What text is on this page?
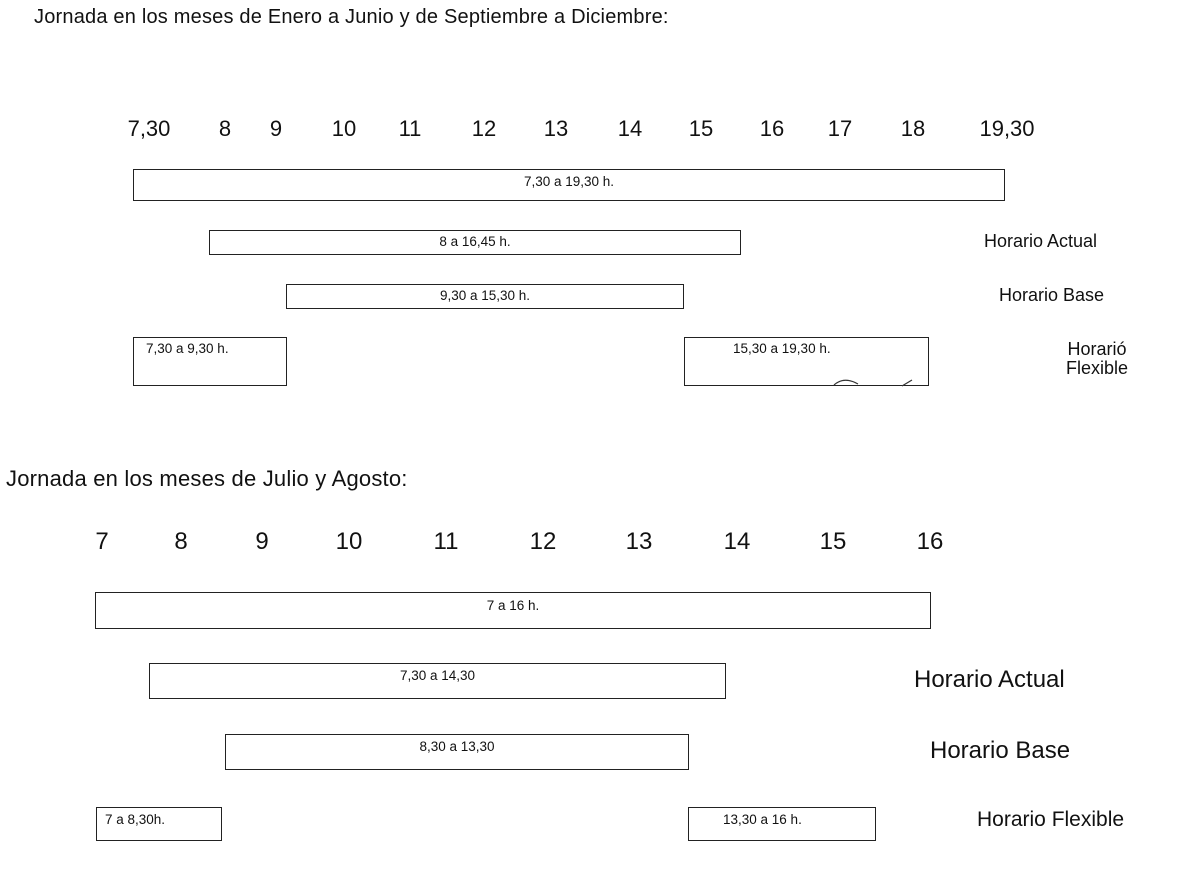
Jornada en los meses de Enero a Junio y de Septiembre a Diciembre:
7,30 8 9 10 11 12 13 14 15 16 17 18 19,30
7,30 a 19,30 h.
8 a 16,45 h.	Horario Actual
9,30 a 15,30 h.	Horario Base
7,30 a 9,30 h.	15,30 a 19,30 h.	Horarió
Flexible
Jornada en los meses de Julio y Agosto:
7	8	9	10	11	12	13	14	15	16
7 a 16 h.
7,30 a 14,30	Horario Actual
8,30 a 13,30	Horario Base
7 a 8,30h.	13,30 a 16 h.	Horario Flexible
